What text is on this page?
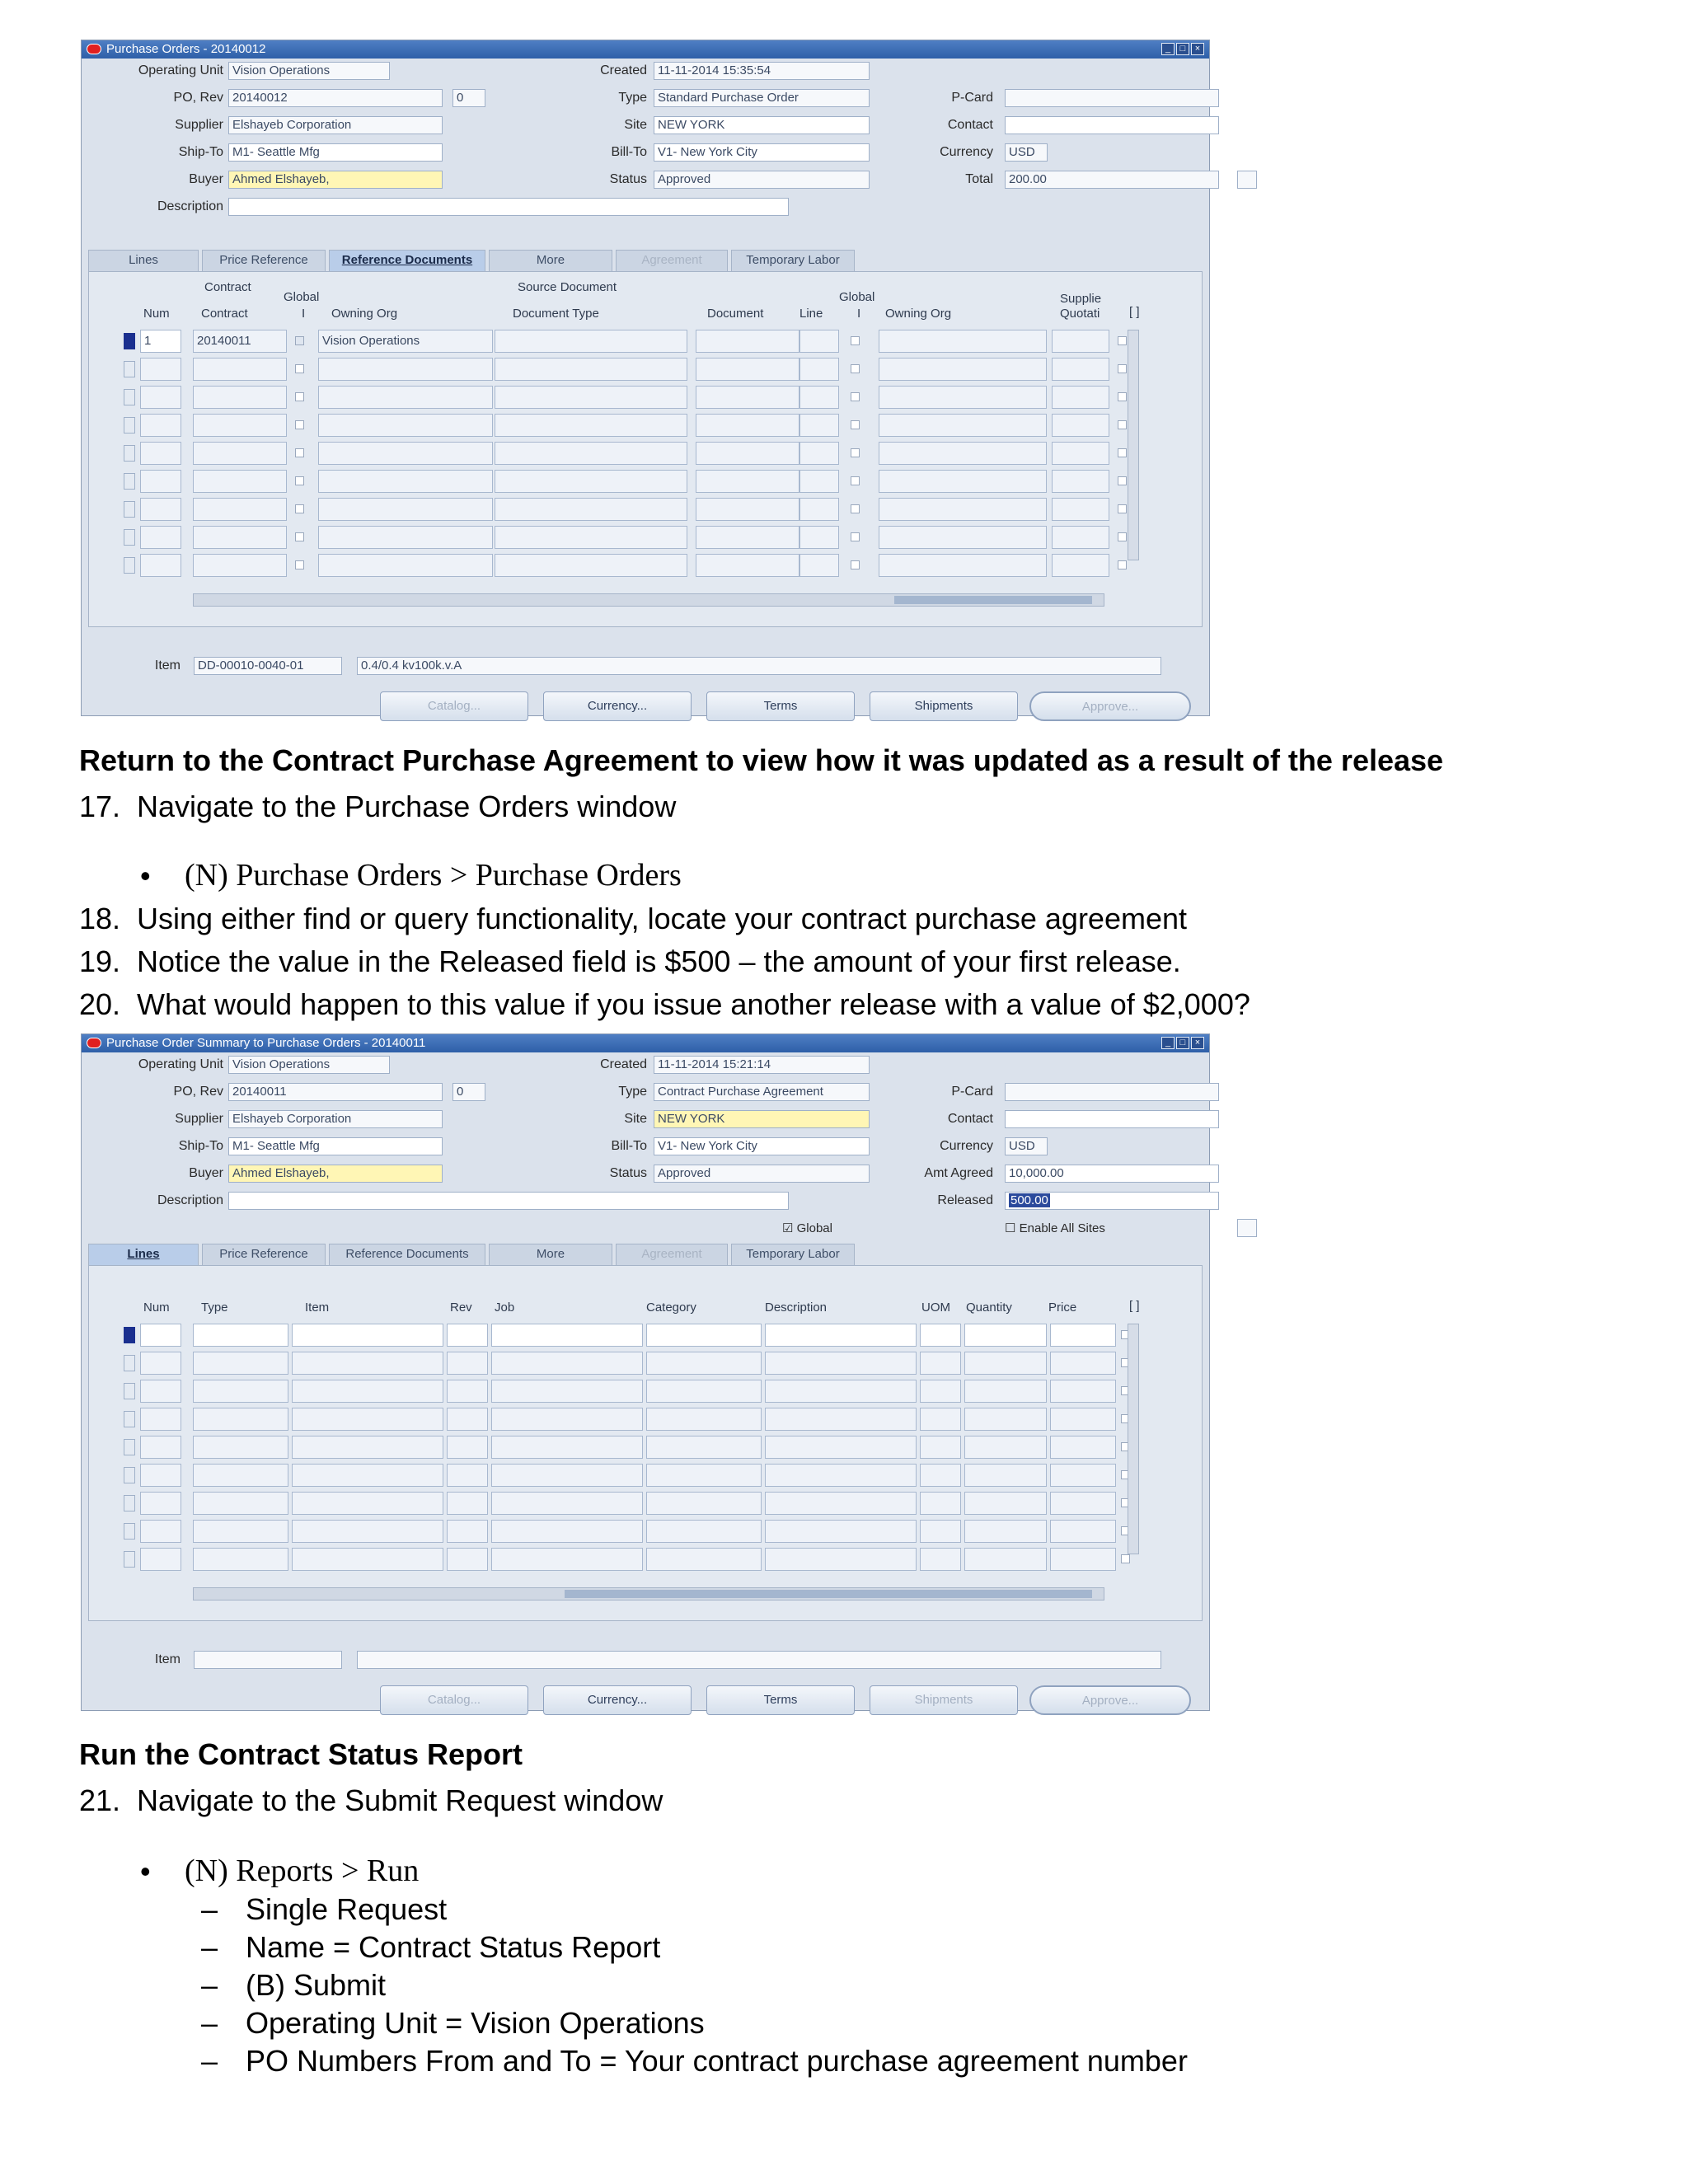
Purchase Orders - 20140012	_	□	×
Operating Unit Vision Operations
PO, Rev 20140012	0
Supplier Elshayeb Corporation
Ship-To M1- Seattle Mfg
Buyer Ahmed Elshayeb,
Description
Created 11-11-2014 15:35:54
Type Standard Purchase Order
Site NEW YORK
Bill-To V1- New York City
Status Approved
P-Card
Contact
Currency	USD
Total	200.00
Lines	Price Reference	Reference Documents	More	Agreement	Temporary Labor
Contract
Global
Source Document
Global
Num	Contract	I Owning Org	Document Type	Document	Line	I Owning Org
Supplie Quotati	[ ]
1	20140011	Vision Operations
Item	DD-00010-0040-01	0.4/0.4 kv100k.v.A
Catalog...	Currency...	Terms	Shipments	Approve...
Return to the Contract Purchase Agreement to view how it was updated as a result of the release
17. Navigate to the Purchase Orders window
• (N) Purchase Orders > Purchase Orders
18. Using either find or query functionality, locate your contract purchase agreement
19. Notice the value in the Released field is $500 – the amount of your first release.
20. What would happen to this value if you issue another release with a value of $2,000?
Purchase Order Summary to Purchase Orders - 20140011	_	□	×
Operating Unit Vision Operations
PO, Rev 20140011	0
Supplier Elshayeb Corporation
Ship-To M1- Seattle Mfg
Buyer Ahmed Elshayeb,
Description
Created 11-11-2014 15:21:14
Type Contract Purchase Agreement
Site NEW YORK
Bill-To V1- New York City
Status Approved
P-Card
Contact
Currency	USD
Amt Agreed	10,000.00
Released	500.00
☑ Global	☐ Enable All Sites
Lines	Price Reference	Reference Documents	More	Agreement	Temporary Labor
Num	Type	Item	Rev Job	Category	Description	UOM Quantity	Price	[ ]
Item
Catalog...	Currency...	Terms	Shipments	Approve...
Run the Contract Status Report
21. Navigate to the Submit Request window
• (N) Reports > Run
– Single Request
– Name = Contract Status Report
– (B) Submit
– Operating Unit = Vision Operations
– PO Numbers From and To = Your contract purchase agreement number
